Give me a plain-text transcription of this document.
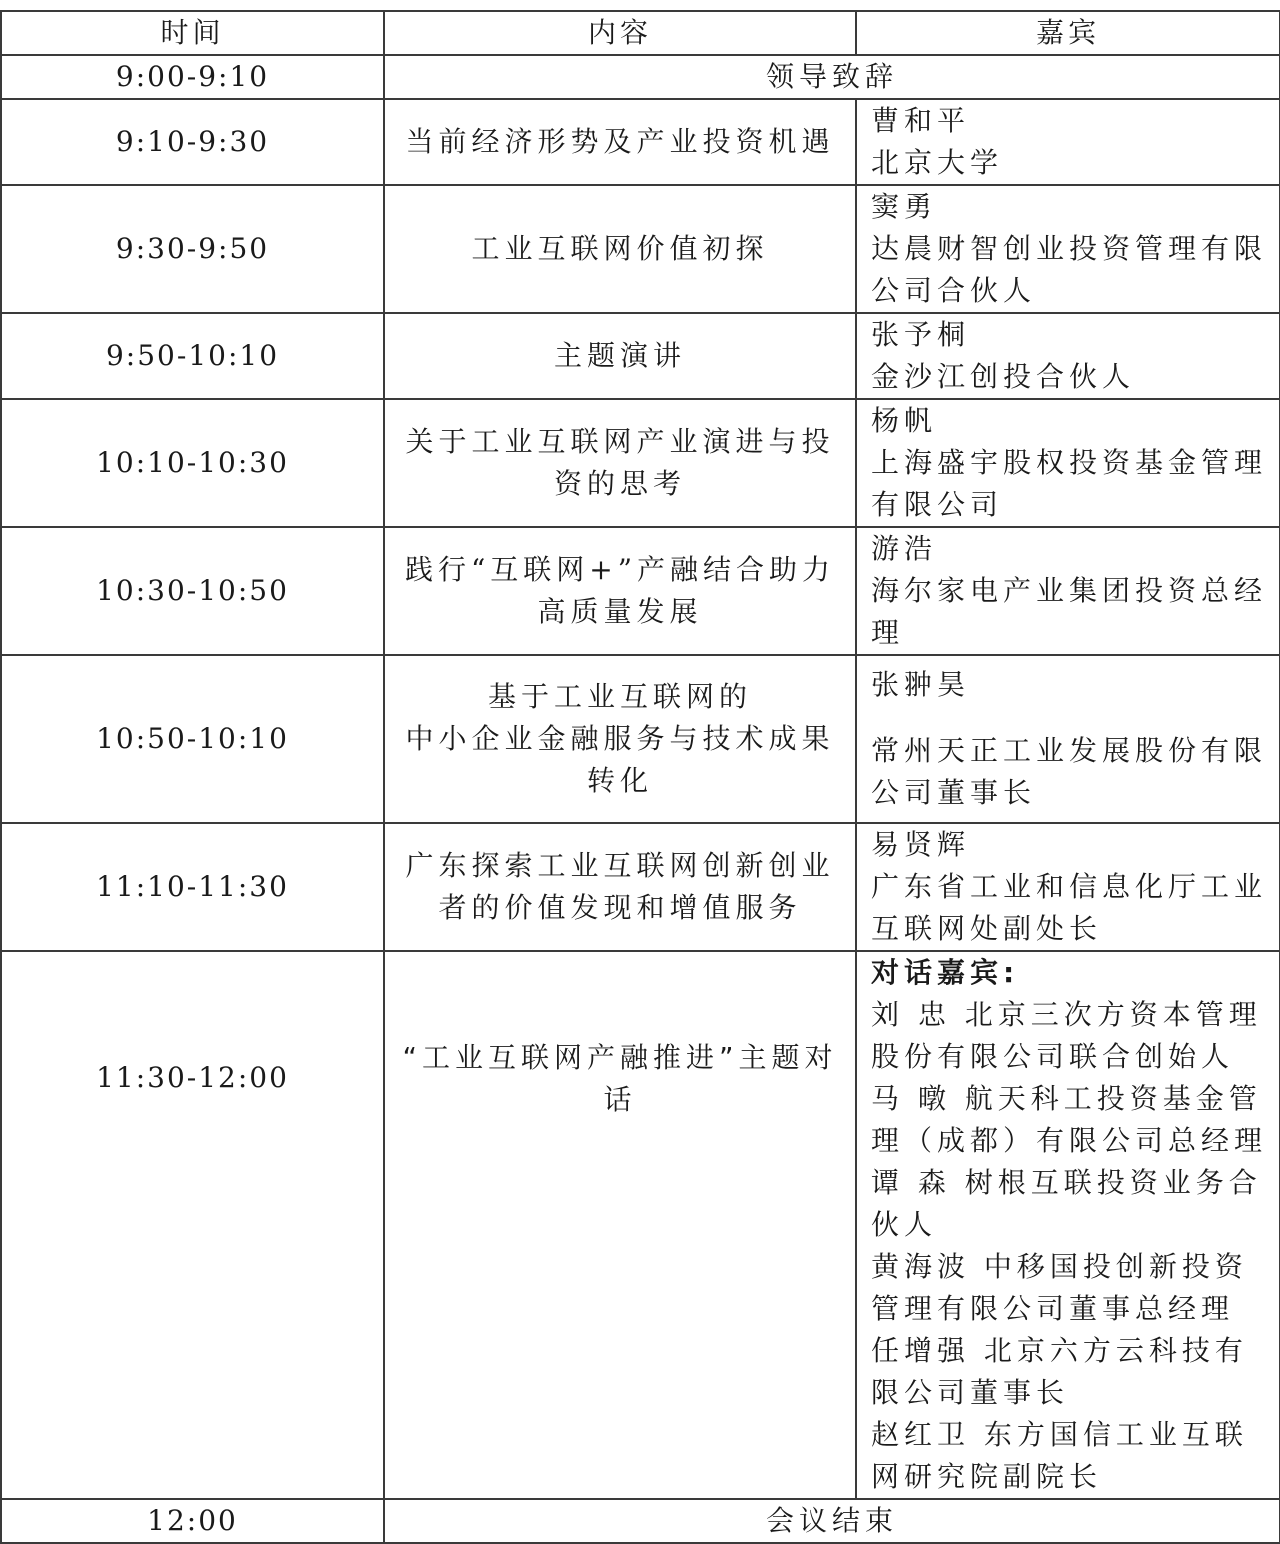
时间	内容	嘉宾
9:00-9:10	领导致辞	
9:10-9:30	当前经济形势及产业投资机遇	曹和平
北京大学

9:30-9:50	工业互联网价值初探	窦勇
达晨财智创业投资管理有限公司合伙人

9:50-10:10	主题演讲	张予桐
金沙江创投合伙人

10:10-10:30	关于工业互联网产业演进与投资的思考	杨帆
上海盛宇股权投资基金管理有限公司

10:30-10:50	践行“互联网+”产融结合助力高质量发展	游浩
海尔家电产业集团投资总经理

10:50-10:10	基于工业互联网的
中小企业金融服务与技术成果转化	张翀昊
常州天正工业发展股份有限公司董事长

11:10-11:30	广东探索工业互联网创新创业者的价值发现和增值服务	易贤辉
广东省工业和信息化厅工业互联网处副处长

11:30-12:00	“工业互联网产融推进”主题对话	
对话嘉宾:
刘 忠 北京三次方资本管理股份有限公司联合创始人
马 暾 航天科工投资基金管理（成都）有限公司总经理
谭 森 树根互联投资业务合伙人
黄海波 中移国投创新投资管理有限公司董事总经理
任增强 北京六方云科技有限公司董事长
赵红卫 东方国信工业互联网研究院副院长

12:00	会议结束	
